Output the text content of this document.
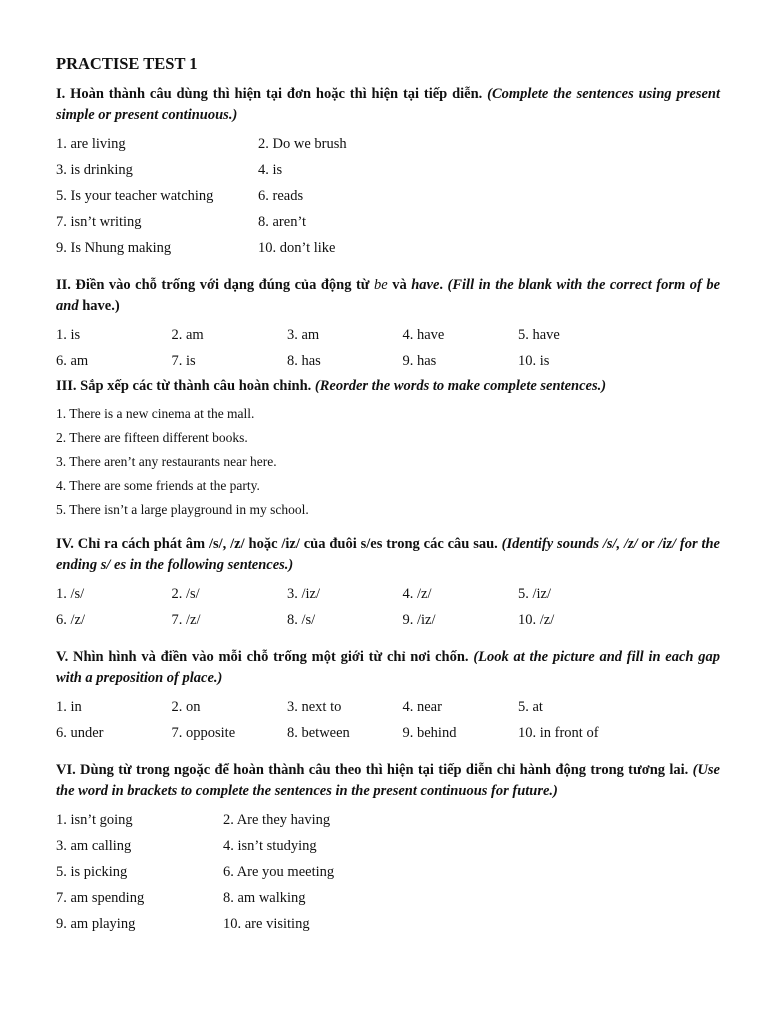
PRACTISE TEST 1
I. Hoàn thành câu dùng thì hiện tại đơn hoặc thì hiện tại tiếp diễn. (Complete the sentences using present simple or present continuous.)
1. are living	2. Do we brush
3. is drinking	4. is
5. Is your teacher watching	6. reads
7. isn’t writing	8. aren’t
9. Is Nhung making	10. don’t like
II. Điền vào chỗ trống với dạng đúng của động từ be và have. (Fill in the blank with the correct form of be and have.)
1. is	2. am	3. am	4. have	5. have
6. am	7. is	8. has	9. has	10. is
III. Sắp xếp các từ thành câu hoàn chỉnh. (Reorder the words to make complete sentences.)
1. There is a new cinema at the mall.
2. There are fifteen different books.
3. There aren’t any restaurants near here.
4. There are some friends at the party.
5. There isn’t a large playground in my school.
IV. Chỉ ra cách phát âm /s/, /z/ hoặc /iz/ của đuôi s/es trong các câu sau. (Identify sounds /s/, /z/ or /iz/ for the ending s/ es in the following sentences.)
1. /s/	2. /s/	3. /iz/	4. /z/	5. /iz/
6. /z/	7. /z/	8. /s/	9. /iz/	10. /z/
V. Nhìn hình và điền vào mỗi chỗ trống một giới từ chỉ nơi chốn. (Look at the picture and fill in each gap with a preposition of place.)
1. in	2. on	3. next to	4. near	5. at
6. under	7. opposite	8. between	9. behind	10. in front of
VI. Dùng từ trong ngoặc để hoàn thành câu theo thì hiện tại tiếp diễn chỉ hành động trong tương lai. (Use the word in brackets to complete the sentences in the present continuous for future.)
1. isn’t going	2. Are they having
3. am calling	4. isn’t studying
5. is picking	6. Are you meeting
7. am spending	8. am walking
9. am playing	10. are visiting
